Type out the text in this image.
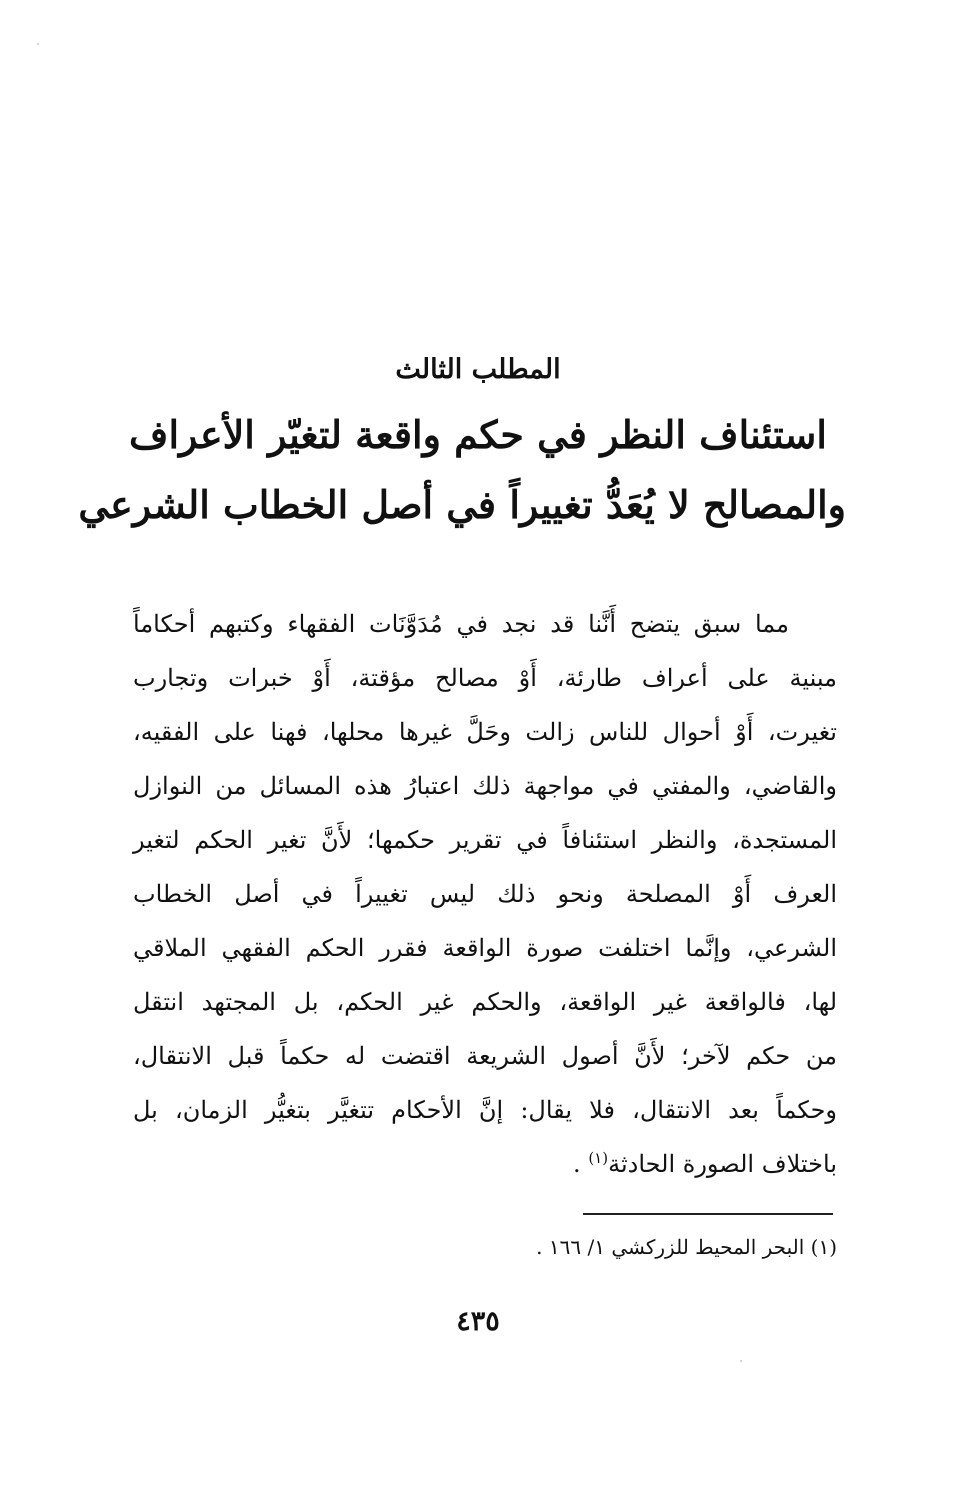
المطلب الثالث
استئناف النظر في حكم واقعة لتغيّر الأعراف
والمصالح لا يُعَدُّ تغييراً في أصل الخطاب الشرعي
مما سبق يتضح أَنَّنا قد نجد في مُدَوَّنَات الفقهاء وكتبهم أحكاماً
مبنية على أعراف طارئة، أَوْ مصالح مؤقتة، أَوْ خبرات وتجارب
تغيرت، أَوْ أحوال للناس زالت وحَلَّ غيرها محلها، فهنا على الفقيه،
والقاضي، والمفتي في مواجهة ذلك اعتبارُ هذه المسائل من النوازل
المستجدة، والنظر استئنافاً في تقرير حكمها؛ لأَنَّ تغير الحكم لتغير
العرف أَوْ المصلحة ونحو ذلك ليس تغييراً في أصل الخطاب
الشرعي، وإنَّما اختلفت صورة الواقعة فقرر الحكم الفقهي الملاقي
لها، فالواقعة غير الواقعة، والحكم غير الحكم، بل المجتهد انتقل
من حكم لآخر؛ لأَنَّ أصول الشريعة اقتضت له حكماً قبل الانتقال،
وحكماً بعد الانتقال، فلا يقال: إنَّ الأحكام تتغيَّر بتغيُّر الزمان، بل
باختلاف الصورة الحادثة$^{(١)}$ .
(١) البحر المحيط للزركشي ١/ ١٦٦ .
٤٣٥
